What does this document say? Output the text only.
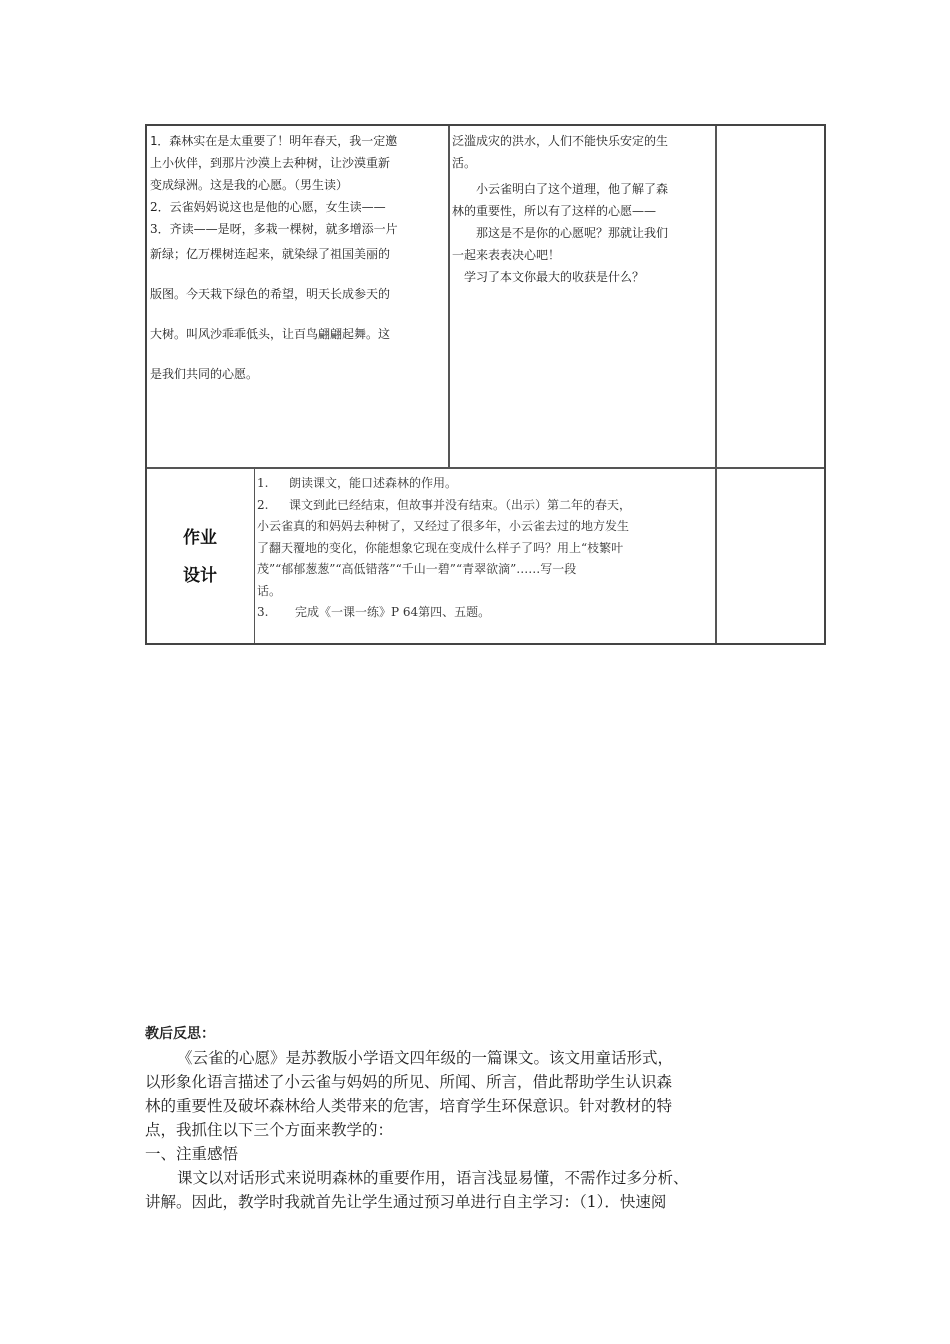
1．森林实在是太重要了！明年春天，我一定邀

上小伙伴，到那片沙漠上去种树，让沙漠重新

变成绿洲。这是我的心愿。（男生读）

2．云雀妈妈说这也是他的心愿，女生读——

3．齐读——是呀，多栽一棵树，就多增添一片

新绿；亿万棵树连起来，就染绿了祖国美丽的

版图。今天栽下绿色的希望，明天长成参天的

大树。叫风沙乖乖低头，让百鸟翩翩起舞。这

是我们共同的心愿。

泛滥成灾的洪水，人们不能快乐安定的生

活。

小云雀明白了这个道理，他了解了森

林的重要性，所以有了这样的心愿——

那这是不是你的心愿呢？那就让我们

一起来表表决心吧！

学习了本文你最大的收获是什么？

作业
设计

1. 朗读课文，能口述森林的作用。

2. 课文到此已经结束，但故事并没有结束。（出示）第二年的春天，

小云雀真的和妈妈去种树了，又经过了很多年，小云雀去过的地方发生

了翻天覆地的变化，你能想象它现在变成什么样子了吗？用上“枝繁叶

茂”“郁郁葱葱”“高低错落”“千山一碧”“青翠欲滴”……写一段

话。

3. 完成《一课一练》P 64第四、五题。

教后反思：

《云雀的心愿》是苏教版小学语文四年级的一篇课文。该文用童话形式，

以形象化语言描述了小云雀与妈妈的所见、所闻、所言，借此帮助学生认识森

林的重要性及破坏森林给人类带来的危害，培育学生环保意识。针对教材的特

点，我抓住以下三个方面来教学的：

一、注重感悟

课文以对话形式来说明森林的重要作用，语言浅显易懂，不需作过多分析、

讲解。因此，教学时我就首先让学生通过预习单进行自主学习：（1）．快速阅
